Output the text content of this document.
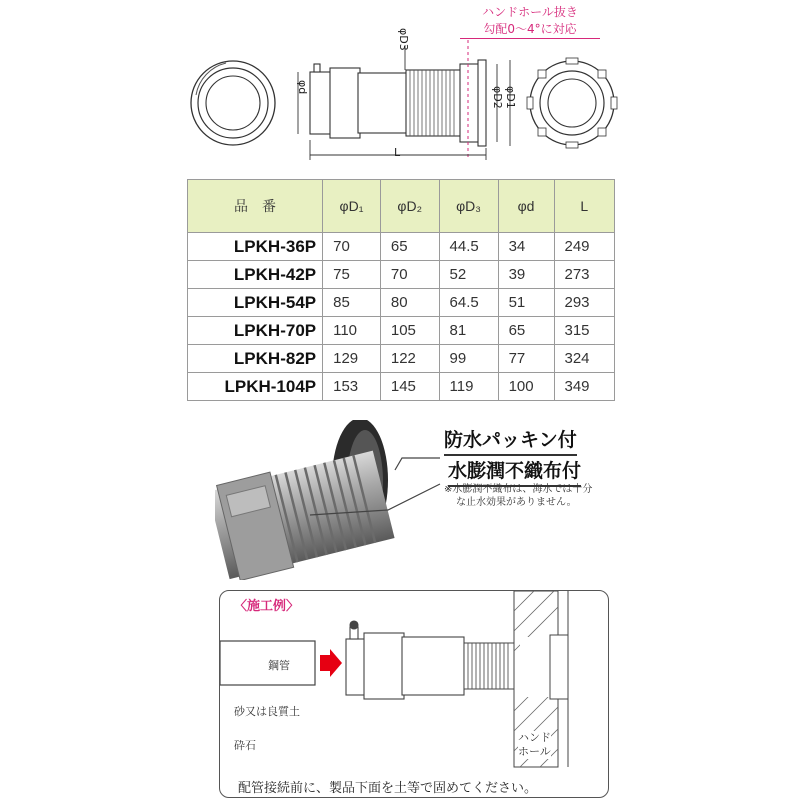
φd
φD3
φD2 φD1
L
ハンドホール抜き
勾配0〜4°に対応
品　番	φD₁	φD₂	φD₃	φd	L
LPKH-36P	70	65	44.5	34	249
LPKH-42P	75	70	52	39	273
LPKH-54P	85	80	64.5	51	293
LPKH-70P	110	105	81	65	315
LPKH-82P	129	122	99	77	324
LPKH-104P	153	145	119	100	349
防水パッキン付
水膨潤不織布付
※水膨潤不織布は、海水では十分
な止水効果がありません。
〈施工例〉
鋼管
砂又は良質土
砕石
ハンド
ホール
配管接続前に、製品下面を土等で固めてください。
